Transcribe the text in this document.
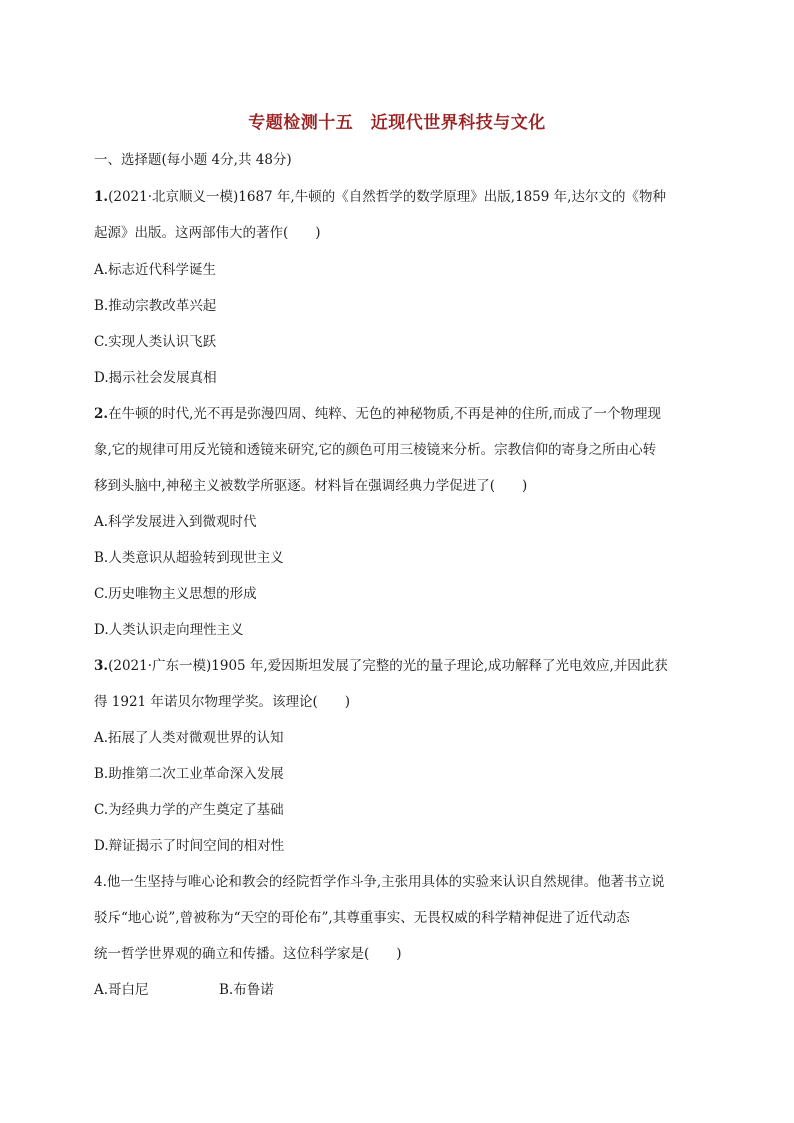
专题检测十五　近现代世界科技与文化
一、选择题(每小题 4分,共 48分)
1.(2021·北京顺义一模)1687 年,牛顿的《自然哲学的数学原理》出版,1859 年,达尔文的《物种
起源》出版。这两部伟大的著作(　　)
A.标志近代科学诞生
B.推动宗教改革兴起
C.实现人类认识飞跃
D.揭示社会发展真相
2.在牛顿的时代,光不再是弥漫四周、纯粹、无色的神秘物质,不再是神的住所,而成了一个物理现
象,它的规律可用反光镜和透镜来研究,它的颜色可用三棱镜来分析。宗教信仰的寄身之所由心转
移到头脑中,神秘主义被数学所驱逐。材料旨在强调经典力学促进了(　　)
A.科学发展进入到微观时代
B.人类意识从超验转到现世主义
C.历史唯物主义思想的形成
D.人类认识走向理性主义
3.(2021·广东一模)1905 年,爱因斯坦发展了完整的光的量子理论,成功解释了光电效应,并因此获
得 1921 年诺贝尔物理学奖。该理论(　　)
A.拓展了人类对微观世界的认知
B.助推第二次工业革命深入发展
C.为经典力学的产生奠定了基础
D.辩证揭示了时间空间的相对性
4.他一生坚持与唯心论和教会的经院哲学作斗争,主张用具体的实验来认识自然规律。他著书立说
驳斥“地心说”,曾被称为“天空的哥伦布”,其尊重事实、无畏权威的科学精神促进了近代动态
统一哲学世界观的确立和传播。这位科学家是(　　)
A.哥白尼	B.布鲁诺
